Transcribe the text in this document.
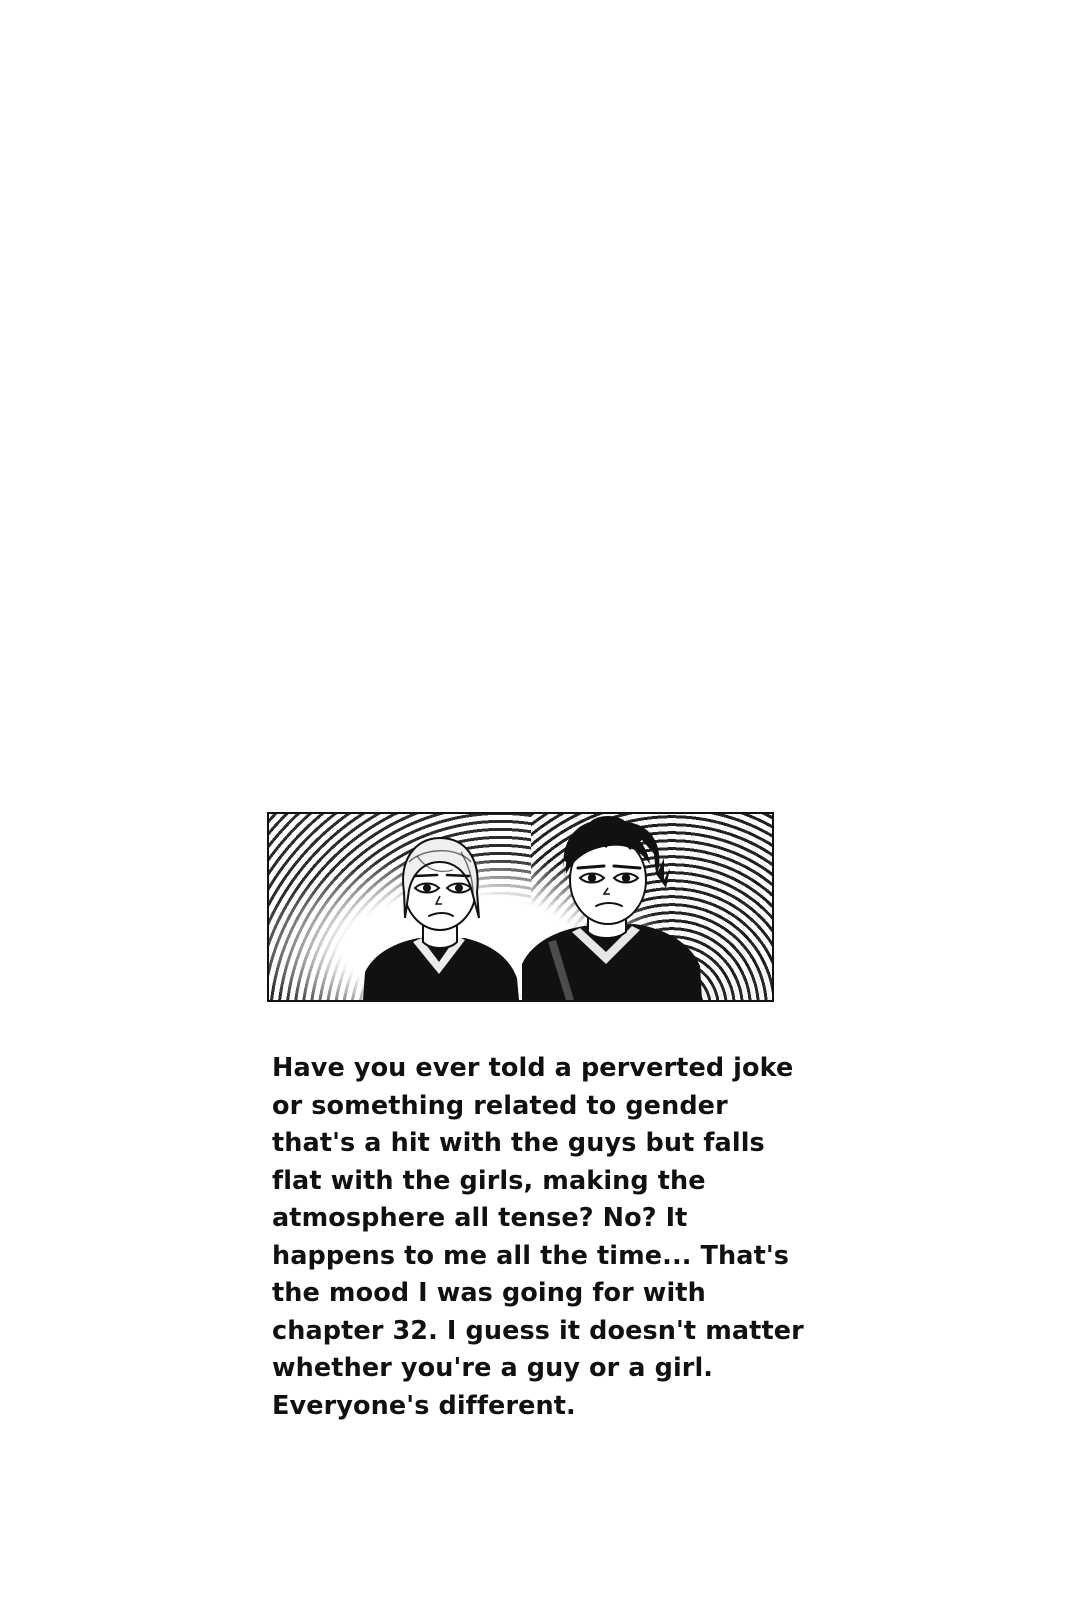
Have you ever told a perverted joke or something related to gender that's a hit with the guys but falls flat with the girls, making the atmosphere all tense? No? It happens to me all the time... That's the mood I was going for with chapter 32. I guess it doesn't matter whether you're a guy or a girl. Everyone's different.
